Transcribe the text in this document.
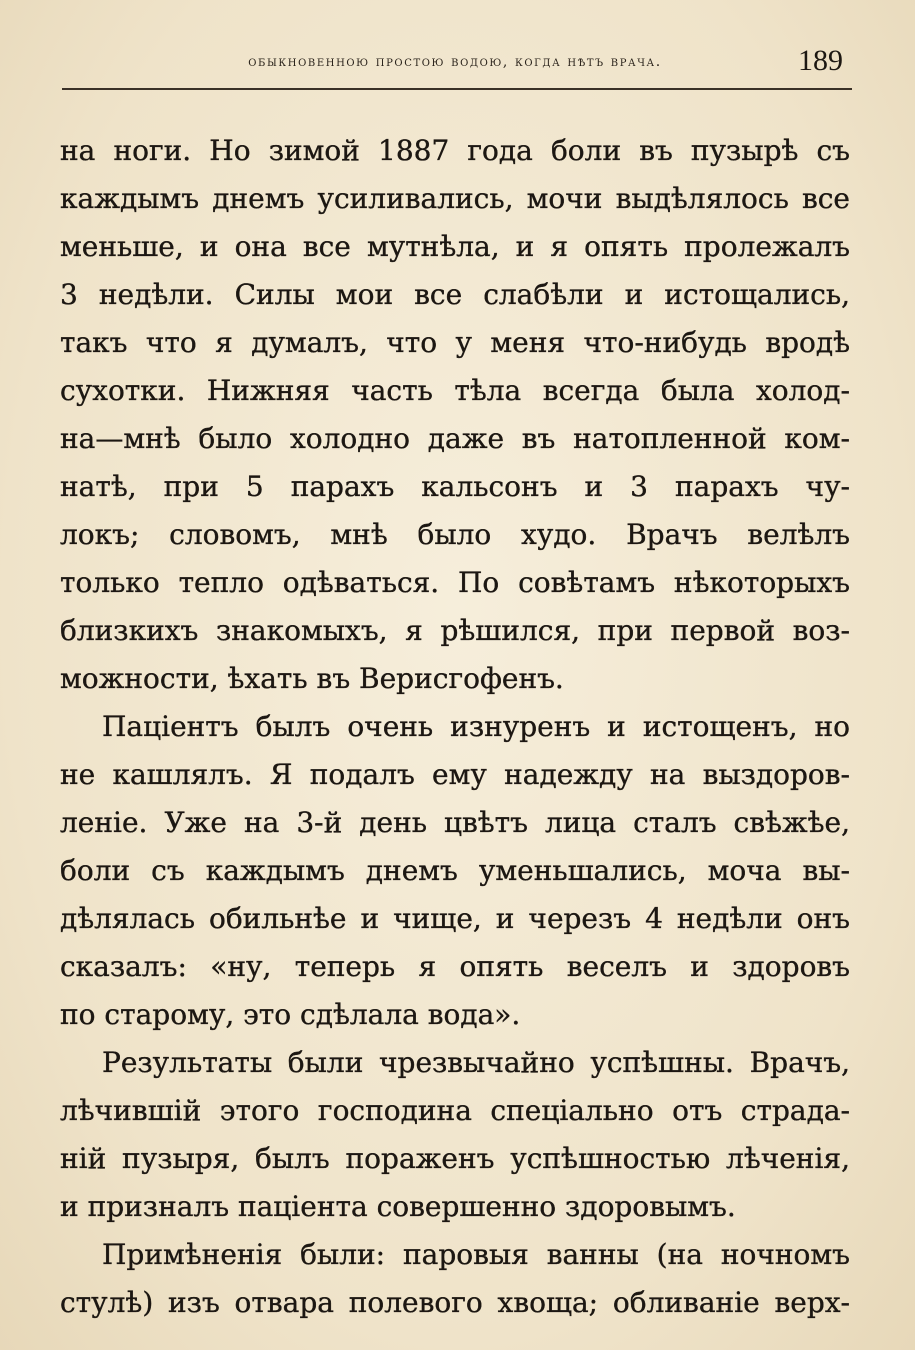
обыкновенною простою водою, когда нѣтъ врача.	189
на ноги. Но зимой 1887 года боли въ пузырѣ съ
каждымъ днемъ усиливались, мочи выдѣлялось все
меньше, и она все мутнѣла, и я опять пролежалъ
3 недѣли. Силы мои все слабѣли и истощались,
такъ что я думалъ, что у меня что-нибудь вродѣ
сухотки. Нижняя часть тѣла всегда была холод-
на—мнѣ было холодно даже въ натопленной ком-
натѣ, при 5 парахъ кальсонъ и 3 парахъ чу-
локъ; словомъ, мнѣ было худо. Врачъ велѣлъ
только тепло одѣваться. По совѣтамъ нѣкоторыхъ
близкихъ знакомыхъ, я рѣшился, при первой воз-
можности, ѣхать въ Верисгофенъ.
Паціентъ былъ очень изнуренъ и истощенъ, но
не кашлялъ. Я подалъ ему надежду на выздоров-
леніе. Уже на 3-й день цвѣтъ лица сталъ свѣжѣе,
боли съ каждымъ днемъ уменьшались, моча вы-
дѣлялась обильнѣе и чище, и черезъ 4 недѣли онъ
сказалъ: «ну, теперь я опять веселъ и здоровъ
по старому, это сдѣлала вода».
Результаты были чрезвычайно успѣшны. Врачъ,
лѣчившій этого господина спеціально отъ страда-
ній пузыря, былъ пораженъ успѣшностью лѣченія,
и призналъ паціента совершенно здоровымъ.
Примѣненія были: паровыя ванны (на ночномъ
стулѣ) изъ отвара полевого хвоща; обливаніе верх-
